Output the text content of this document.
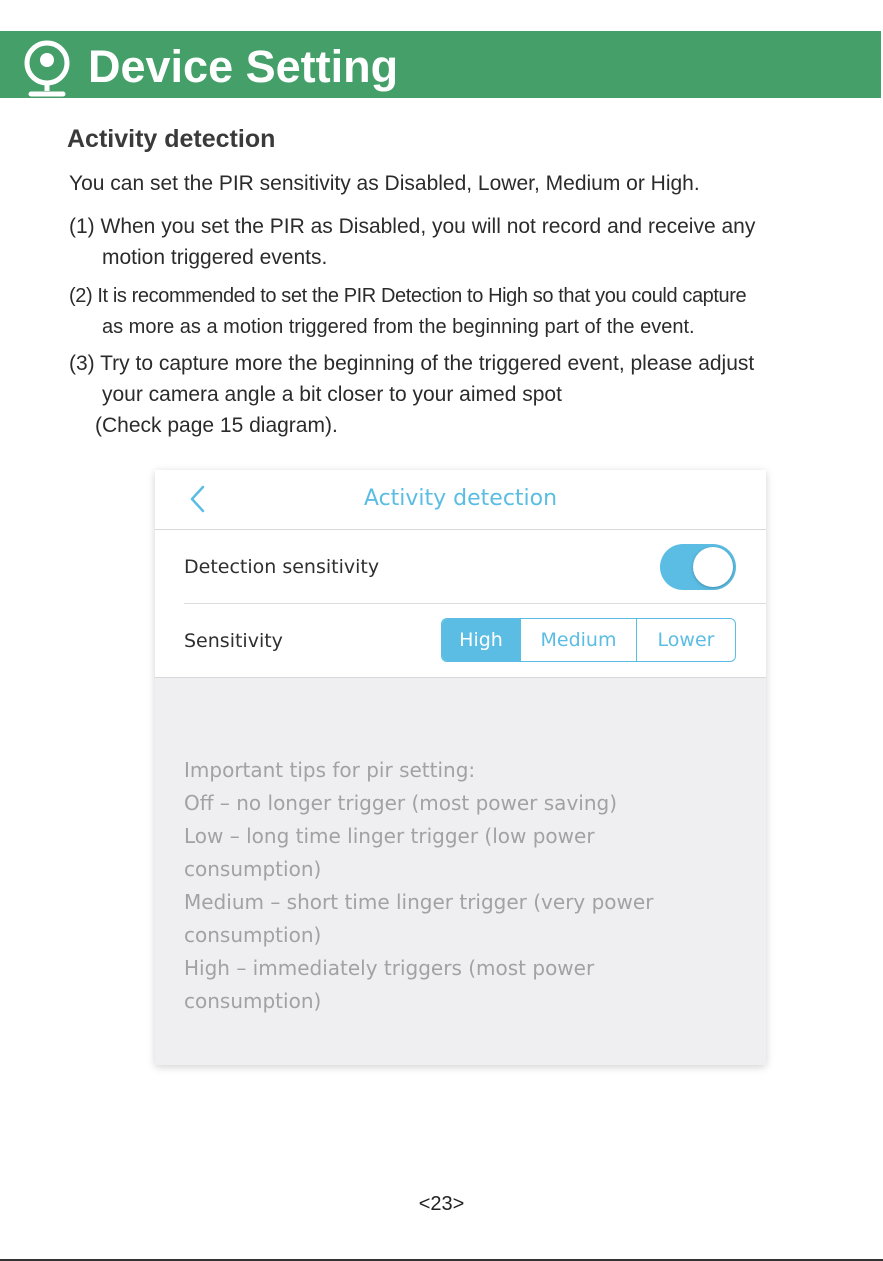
Device Setting
Activity detection
You can set the PIR sensitivity as Disabled, Lower, Medium or High.
(1) When you set the PIR as Disabled, you will not record and receive any
motion triggered events.
(2) It is recommended to set the PIR Detection to High so that you could capture
as more as a motion triggered from the beginning part of the event.
(3) Try to capture more the beginning of the triggered event, please adjust
your camera angle a bit closer to your aimed spot
(Check page 15 diagram).
Activity detection
Detection sensitivity
Sensitivity	High	Medium	Lower
Important tips for pir setting:
Off – no longer trigger (most power saving)
Low – long time linger trigger (low power
consumption)
Medium – short time linger trigger (very power
consumption)
High – immediately triggers (most power
consumption)
<23>
